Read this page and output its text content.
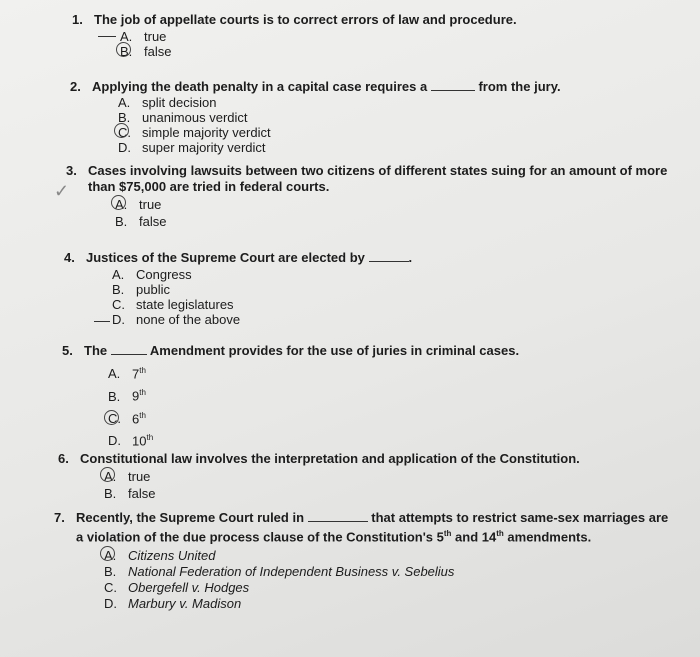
1. The job of appellate courts is to correct errors of law and procedure.
A. true
B. false
2. Applying the death penalty in a capital case requires a	from the jury.
A. split decision
B. unanimous verdict
C. simple majority verdict
D. super majority verdict
✓
3. Cases involving lawsuits between two citizens of different states suing for an amount of more
than $75,000 are tried in federal courts.
A. true
B. false
4. Justices of the Supreme Court are elected by	.
A. Congress
B. public
C. state legislatures
D. none of the above
5. The	Amendment provides for the use of juries in criminal cases.
A. 7th
B. 9th
C. 6th
D. 10th
6. Constitutional law involves the interpretation and application of the Constitution.
A. true
B. false
7. Recently, the Supreme Court ruled in	that attempts to restrict same-sex marriages are
a violation of the due process clause of the Constitution's 5th and 14th amendments.
A. Citizens United
B. National Federation of Independent Business v. Sebelius
C. Obergefell v. Hodges
D. Marbury v. Madison
